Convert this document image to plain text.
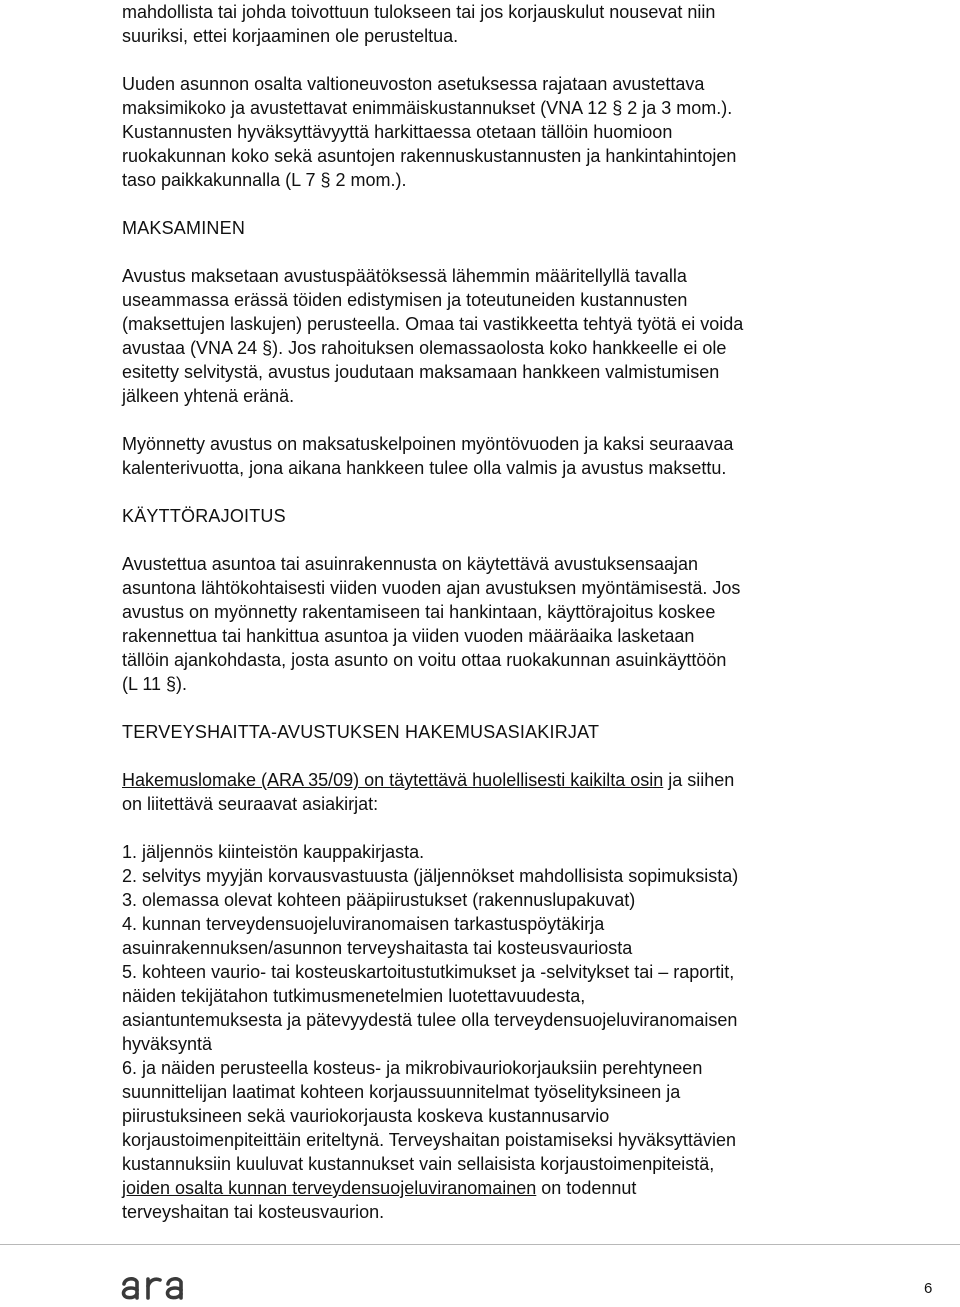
mahdollista tai johda toivottuun tulokseen tai jos korjauskulut nousevat niin
suuriksi, ettei korjaaminen ole perusteltua.
Uuden asunnon osalta valtioneuvoston asetuksessa rajataan avustettava
maksimikoko ja avustettavat enimmäiskustannukset (VNA 12 § 2 ja 3 mom.).
Kustannusten hyväksyttävyyttä harkittaessa otetaan tällöin huomioon
ruokakunnan koko sekä asuntojen rakennuskustannusten ja hankintahintojen
taso paikkakunnalla (L 7 § 2 mom.).
MAKSAMINEN
Avustus maksetaan avustuspäätöksessä lähemmin määritellyllä tavalla
useammassa erässä töiden edistymisen ja toteutuneiden kustannusten
(maksettujen laskujen) perusteella. Omaa tai vastikkeetta tehtyä työtä ei voida
avustaa (VNA 24 §). Jos rahoituksen olemassaolosta koko hankkeelle ei ole
esitetty selvitystä, avustus joudutaan maksamaan hankkeen valmistumisen
jälkeen yhtenä eränä.
Myönnetty avustus on maksatuskelpoinen myöntövuoden ja kaksi seuraavaa
kalenterivuotta, jona aikana hankkeen tulee olla valmis ja avustus maksettu.
KÄYTTÖRAJOITUS
Avustettua asuntoa tai asuinrakennusta on käytettävä avustuksensaajan
asuntona lähtökohtaisesti viiden vuoden ajan avustuksen myöntämisestä. Jos
avustus on myönnetty rakentamiseen tai hankintaan, käyttörajoitus koskee
rakennettua tai hankittua asuntoa ja viiden vuoden määräaika lasketaan
tällöin ajankohdasta, josta asunto on voitu ottaa ruokakunnan asuinkäyttöön
(L 11 §).
TERVEYSHAITTA-AVUSTUKSEN HAKEMUSASIAKIRJAT
Hakemuslomake (ARA 35/09) on täytettävä huolellisesti kaikilta osin ja siihen
on liitettävä seuraavat asiakirjat:
1. jäljennös kiinteistön kauppakirjasta.
2. selvitys myyjän korvausvastuusta (jäljennökset mahdollisista sopimuksista)
3. olemassa olevat kohteen pääpiirustukset (rakennuslupakuvat)
4. kunnan terveydensuojeluviranomaisen tarkastuspöytäkirja
asuinrakennuksen/asunnon terveyshaitasta tai kosteusvauriosta
5. kohteen vaurio- tai kosteuskartoitustutkimukset ja -selvitykset tai – raportit,
näiden tekijätahon tutkimusmenetelmien luotettavuudesta,
asiantuntemuksesta ja pätevyydestä tulee olla terveydensuojeluviranomaisen
hyväksyntä
6. ja näiden perusteella kosteus- ja mikrobivauriokorjauksiin perehtyneen
suunnittelijan laatimat kohteen korjaussuunnitelmat työselityksineen ja
piirustuksineen sekä vauriokorjausta koskeva kustannusarvio
korjaustoimenpiteittäin eriteltynä. Terveyshaitan poistamiseksi hyväksyttävien
kustannuksiin kuuluvat kustannukset vain sellaisista korjaustoimenpiteistä,
joiden osalta kunnan terveydensuojeluviranomainen on todennut
terveyshaitan tai kosteusvaurion.
6
